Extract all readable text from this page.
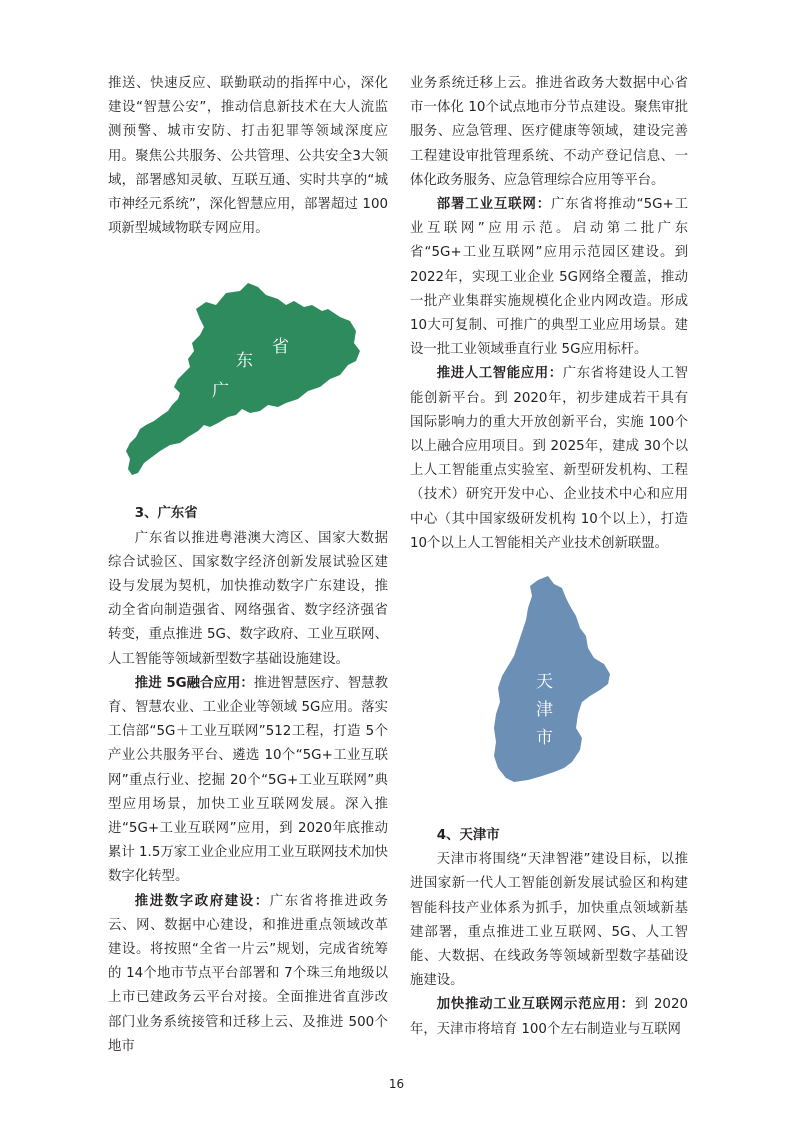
推送、快速反应、联勤联动的指挥中心，深化建设“智慧公安”，推动信息新技术在大人流监测预警、城市安防、打击犯罪等领域深度应用。聚焦公共服务、公共管理、公共安全3大领域，部署感知灵敏、互联互通、实时共享的“城市神经元系统”，深化智慧应用，部署超过 100项新型城域物联专网应用。

东
省
广
3、广东省

广东省以推进粤港澳大湾区、国家大数据综合试验区、国家数字经济创新发展试验区建设与发展为契机，加快推动数字广东建设，推动全省向制造强省、网络强省、数字经济强省转变，重点推进 5G、数字政府、工业互联网、人工智能等领域新型数字基础设施建设。

推进 5G融合应用：推进智慧医疗、智慧教育、智慧农业、工业企业等领域 5G应用。落实工信部“5G＋工业互联网”512工程，打造 5个产业公共服务平台、遴选 10个“5G+工业互联网”重点行业、挖掘 20个“5G+工业互联网”典型应用场景，加快工业互联网发展。深入推进“5G+工业互联网”应用，到 2020年底推动累计 1.5万家工业企业应用工业互联网技术加快数字化转型。

推进数字政府建设：广东省将推进政务云、网、数据中心建设，和推进重点领域改革建设。将按照“全省一片云”规划，完成省统筹的 14个地市节点平台部署和 7个珠三角地级以上市已建政务云平台对接。全面推进省直涉改部门业务系统接管和迁移上云、及推进 500个地市

业务系统迁移上云。推进省政务大数据中心省市一体化 10个试点地市分节点建设。聚焦审批服务、应急管理、医疗健康等领域，建设完善工程建设审批管理系统、不动产登记信息、一体化政务服务、应急管理综合应用等平台。

部署工业互联网：广东省将推动“5G+工业互联网”应用示范。启动第二批广东省“5G+工业互联网”应用示范园区建设。到 2022年，实现工业企业 5G网络全覆盖，推动一批产业集群实施规模化企业内网改造。形成 10大可复制、可推广的典型工业应用场景。建设一批工业领域垂直行业 5G应用标杆。

推进人工智能应用：广东省将建设人工智能创新平台。到 2020年，初步建成若干具有国际影响力的重大开放创新平台，实施 100个以上融合应用项目。到 2025年，建成 30个以上人工智能重点实验室、新型研发机构、工程（技术）研究开发中心、企业技术中心和应用中心（其中国家级研发机构 10个以上），打造 10个以上人工智能相关产业技术创新联盟。

天
津
市
4、天津市

天津市将围绕“天津智港”建设目标，以推进国家新一代人工智能创新发展试验区和构建智能科技产业体系为抓手，加快重点领域新基建部署，重点推进工业互联网、5G、人工智能、大数据、在线政务等领域新型数字基础设施建设。

加快推动工业互联网示范应用：到 2020年，天津市将培育 100个左右制造业与互联网

16
